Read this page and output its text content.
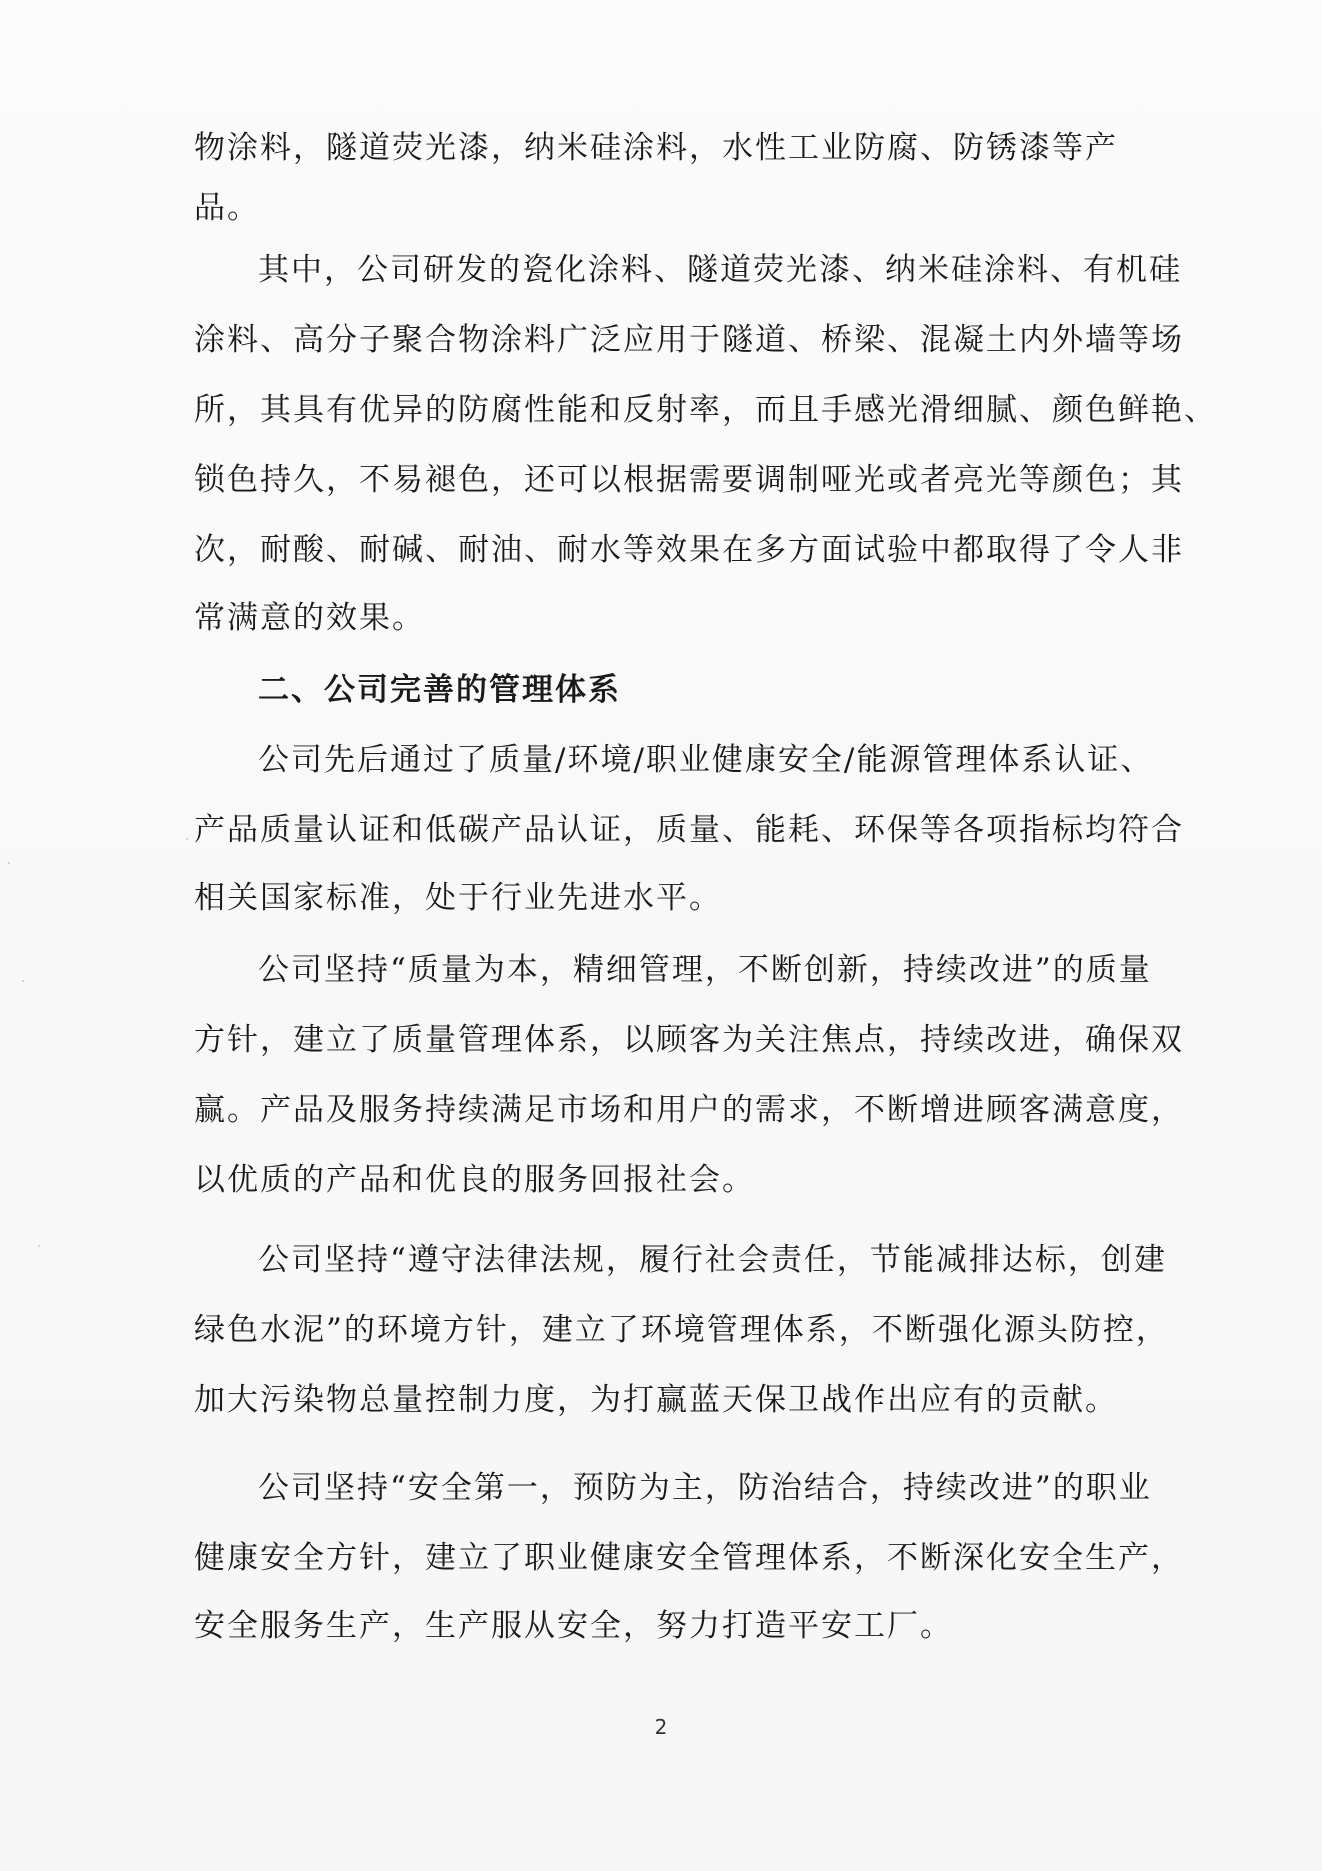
物涂料，隧道荧光漆，纳米硅涂料，水性工业防腐、防锈漆等产
品。
其中，公司研发的瓷化涂料、隧道荧光漆、纳米硅涂料、有机硅
涂料、高分子聚合物涂料广泛应用于隧道、桥梁、混凝土内外墙等场
所，其具有优异的防腐性能和反射率，而且手感光滑细腻、颜色鲜艳、
锁色持久，不易褪色，还可以根据需要调制哑光或者亮光等颜色；其
次，耐酸、耐碱、耐油、耐水等效果在多方面试验中都取得了令人非
常满意的效果。
二、公司完善的管理体系
公司先后通过了质量/环境/职业健康安全/能源管理体系认证、
产品质量认证和低碳产品认证，质量、能耗、环保等各项指标均符合
相关国家标准，处于行业先进水平。
公司坚持“质量为本，精细管理，不断创新，持续改进”的质量
方针，建立了质量管理体系，以顾客为关注焦点，持续改进，确保双
赢。产品及服务持续满足市场和用户的需求，不断增进顾客满意度，
以优质的产品和优良的服务回报社会。
公司坚持“遵守法律法规，履行社会责任，节能减排达标，创建
绿色水泥”的环境方针，建立了环境管理体系，不断强化源头防控，
加大污染物总量控制力度，为打赢蓝天保卫战作出应有的贡献。
公司坚持“安全第一，预防为主，防治结合，持续改进”的职业
健康安全方针，建立了职业健康安全管理体系，不断深化安全生产，
安全服务生产，生产服从安全，努力打造平安工厂。
2
